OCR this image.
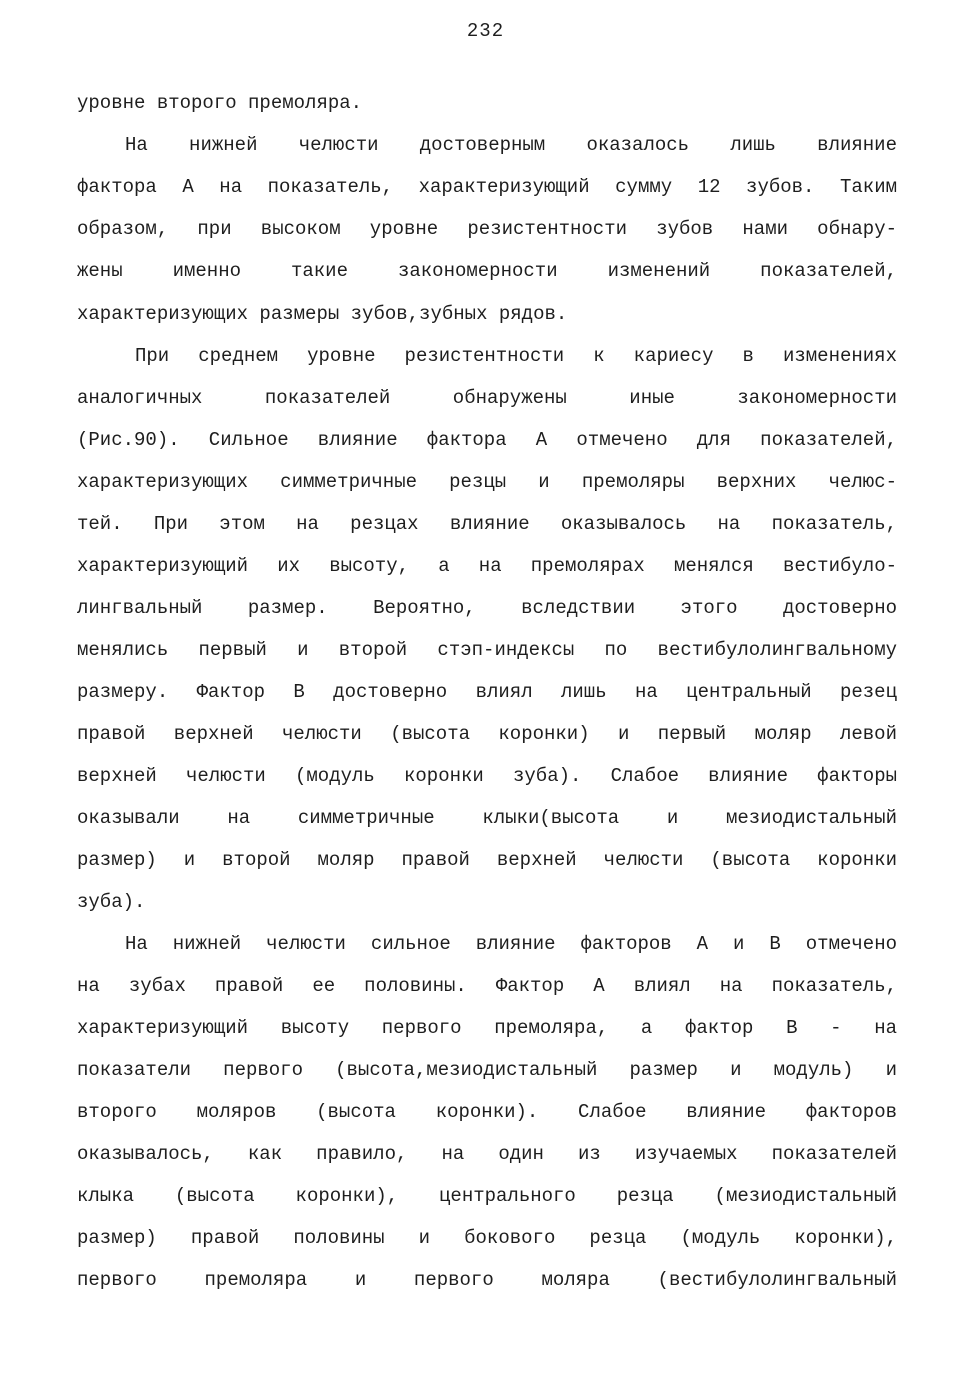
232
уровне второго премоляра.
На нижней челюсти достоверным оказалось лишь влияние
фактора А на показатель, характеризующий сумму 12 зубов. Таким
образом, при высоком уровне резистентности зубов нами обнару-
жены именно такие закономерности изменений показателей,
характеризующих размеры зубов,зубных рядов.
При среднем уровне резистентности к кариесу в изменениях
аналогичных показателей обнаружены иные закономерности
(Рис.90). Сильное влияние фактора А отмечено для показателей,
характеризующих симметричные резцы и премоляры верхних челюс-
тей. При этом на резцах влияние оказывалось на показатель,
характеризующий их высоту, а на премолярах менялся вестибуло-
лингвальный размер. Вероятно, вследствии этого достоверно
менялись первый и второй стэп-индексы по вестибулолингвальному
размеру. Фактор В достоверно влиял лишь на центральный резец
правой верхней челюсти (высота коронки) и первый моляр левой
верхней челюсти (модуль коронки зуба). Слабое влияние факторы
оказывали на симметричные клыки(высота и мезиодистальный
размер) и второй моляр правой верхней челюсти (высота коронки
зуба).
На нижней челюсти сильное влияние факторов А и В отмечено
на зубах правой ее половины. Фактор А влиял на показатель,
характеризующий высоту первого премоляра, а фактор В - на
показатели первого (высота,мезиодистальный размер и модуль) и
второго моляров (высота коронки). Слабое влияние факторов
оказывалось, как правило, на один из изучаемых показателей
клыка (высота коронки), центрального резца (мезиодистальный
размер) правой половины и бокового резца (модуль коронки),
первого премоляра и первого моляра (вестибулолингвальный
